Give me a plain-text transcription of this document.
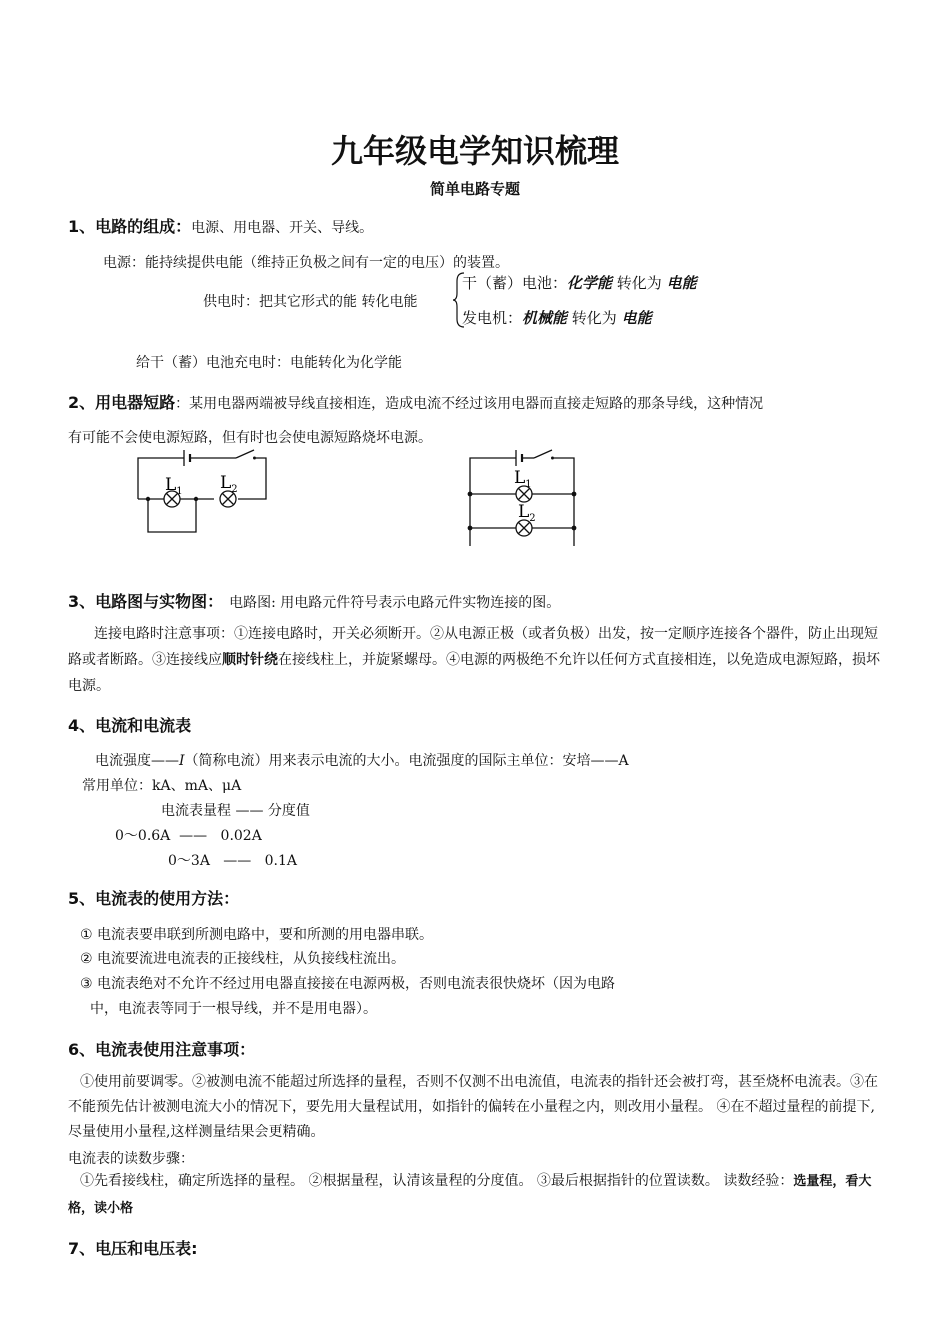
九年级电学知识梳理
简单电路专题
1、电路的组成：电源、用电器、开关、导线。
电源：能持续提供电能（维持正负极之间有一定的电压）的装置。
供电时：把其它形式的能 转化电能
干（蓄）电池：化学能 转化为 电能
发电机：机械能 转化为 电能
给干（蓄）电池充电时：电能转化为化学能
2、用电器短路：某用电器两端被导线直接相连，造成电流不经过该用电器而直接走短路的那条导线，这种情况
有可能不会使电源短路，但有时也会使电源短路烧坏电源。
$L_1$ $L_2$
$L_1$
$L_2$
3、电路图与实物图： 电路图: 用电路元件符号表示电路元件实物连接的图。
连接电路时注意事项：①连接电路时，开关必须断开。②从电源正极（或者负极）出发，按一定顺序连接各个器件，防止出现短路或者断路。③连接线应顺时针绕在接线柱上，并旋紧螺母。④电源的两极绝不允许以任何方式直接相连，以免造成电源短路，损坏电源。
4、电流和电流表
电流强度——I（简称电流）用来表示电流的大小。电流强度的国际主单位：安培——A
常用单位：kA、mA、μA
电流表量程 —— 分度值
0～0.6A  ——   0.02A
0～3A   ——   0.1A
5、电流表的使用方法：
① 电流表要串联到所测电路中，要和所测的用电器串联。
② 电流要流进电流表的正接线柱，从负接线柱流出。
③ 电流表绝对不允许不经过用电器直接接在电源两极，否则电流表很快烧坏（因为电路
中，电流表等同于一根导线，并不是用电器）。
6、电流表使用注意事项：
①使用前要调零。②被测电流不能超过所选择的量程，否则不仅测不出电流值，电流表的指针还会被打弯，甚至烧杯电流表。③在不能预先估计被测电流大小的情况下，要先用大量程试用，如指针的偏转在小量程之内，则改用小量程。 ④在不超过量程的前提下,尽量使用小量程,这样测量结果会更精确。
电流表的读数步骤：
①先看接线柱，确定所选择的量程。 ②根据量程，认清该量程的分度值。 ③最后根据指针的位置读数。 读数经验：选量程，看大格，读小格
7、电压和电压表:
